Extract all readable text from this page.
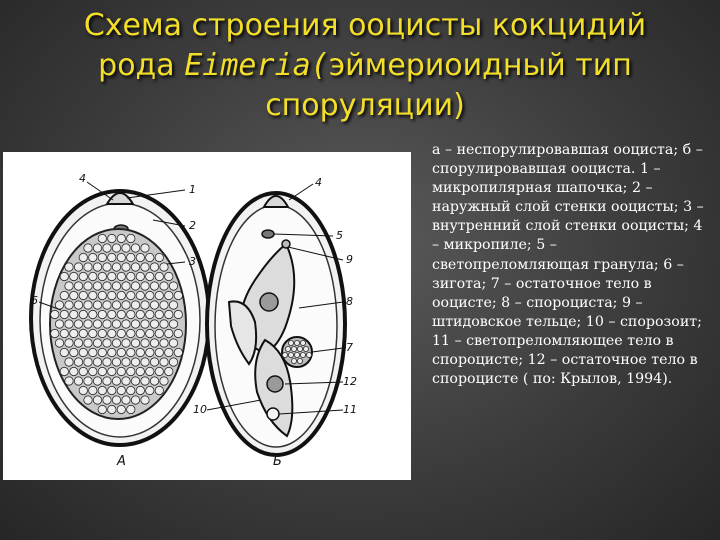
Схема строения ооцисты кокцидий
рода Eimeria(эймериоидный тип
споруляции)
4
1
2
3
6
4
5
9
8
7
12
11
10
А	Б
а – неспорулировавшая ооциста; б – спорулировавшая ооциста. 1 – микропилярная шапочка; 2 – наружный слой стенки ооцисты; 3 – внутренний слой стенки ооцисты; 4 – микропиле; 5 – светопреломляющая гранула; 6 – зигота; 7 – остаточное тело в ооцисте; 8 – спороциста; 9 – штидовское тельце; 10 – спорозоит; 11 – светопреломляющее тело в спороцисте; 12 – остаточное тело в спороцисте ( по: Крылов, 1994).
